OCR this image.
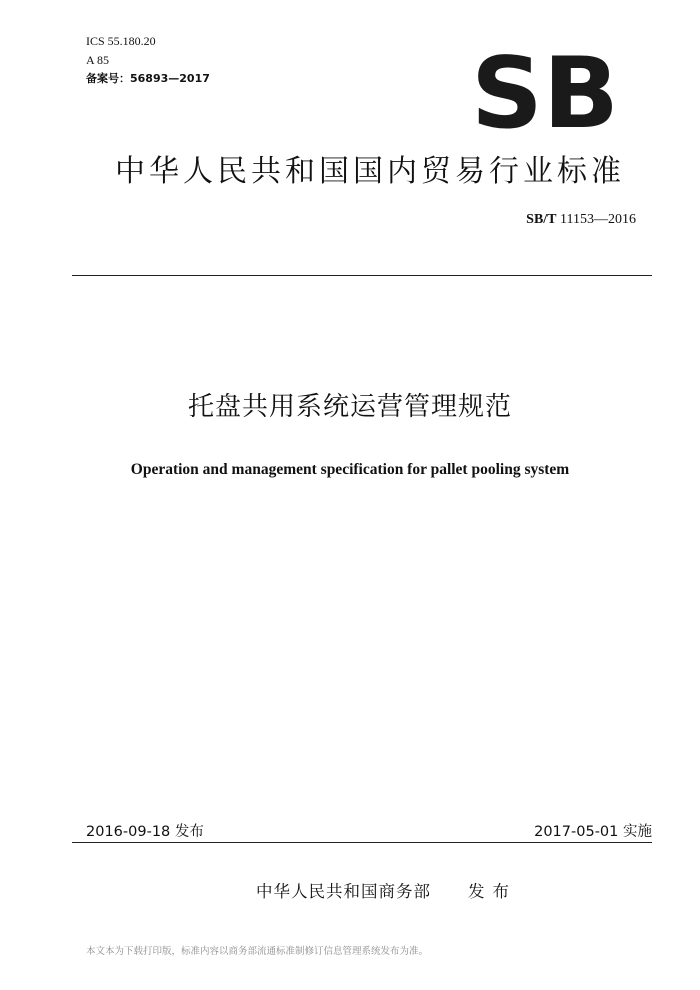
ICS 55.180.20
A 85
备案号：56893—2017	SB
中华人民共和国国内贸易行业标准
SB/T 11153—2016
托盘共用系统运营管理规范
Operation and management specification for pallet pooling system
2016-09-18 发布	2017-05-01 实施
中华人民共和国商务部 发布
本文本为下载打印版，标准内容以商务部流通标准制修订信息管理系统发布为准。
